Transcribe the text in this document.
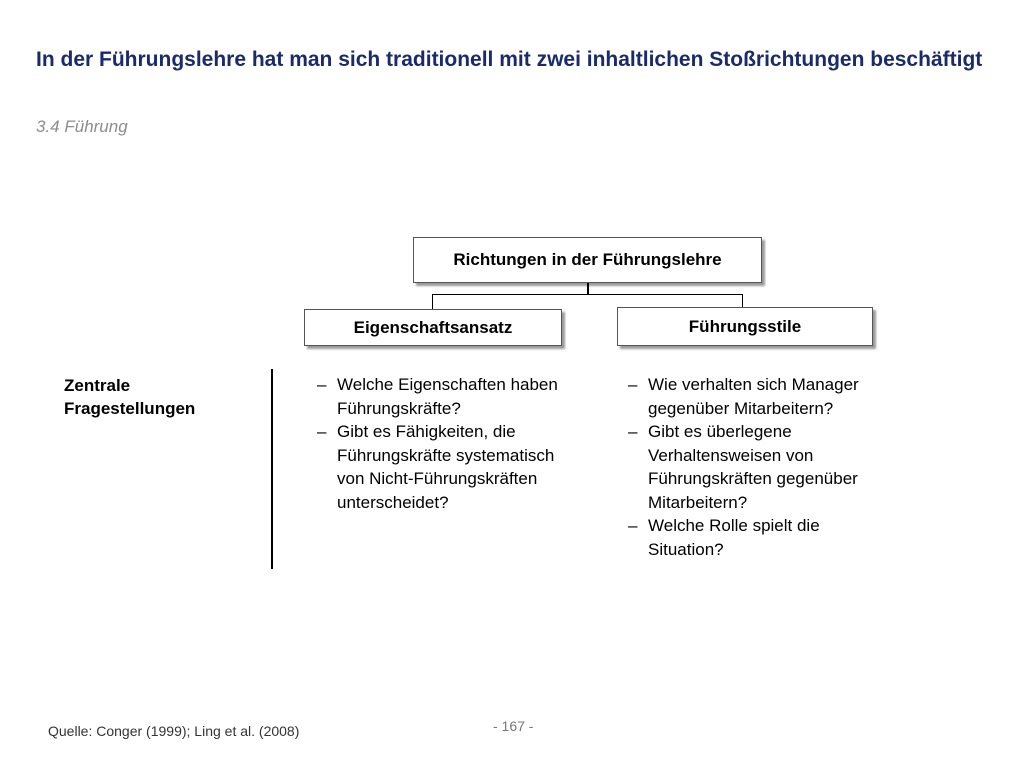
In der Führungslehre hat man sich traditionell mit zwei inhaltlichen Stoßrichtungen beschäftigt
3.4 Führung
Richtungen in der Führungslehre
Eigenschaftsansatz	Führungsstile
Zentrale
Fragestellungen
– Welche Eigenschaften haben Führungskräfte?
– Gibt es Fähigkeiten, die Führungskräfte systematisch von Nicht-Führungskräften unterscheidet?
– Wie verhalten sich Manager gegenüber Mitarbeitern?
– Gibt es überlegene Verhaltensweisen von Führungskräften gegenüber Mitarbeitern?
– Welche Rolle spielt die Situation?
Quelle: Conger (1999); Ling et al. (2008)	- 167 -
